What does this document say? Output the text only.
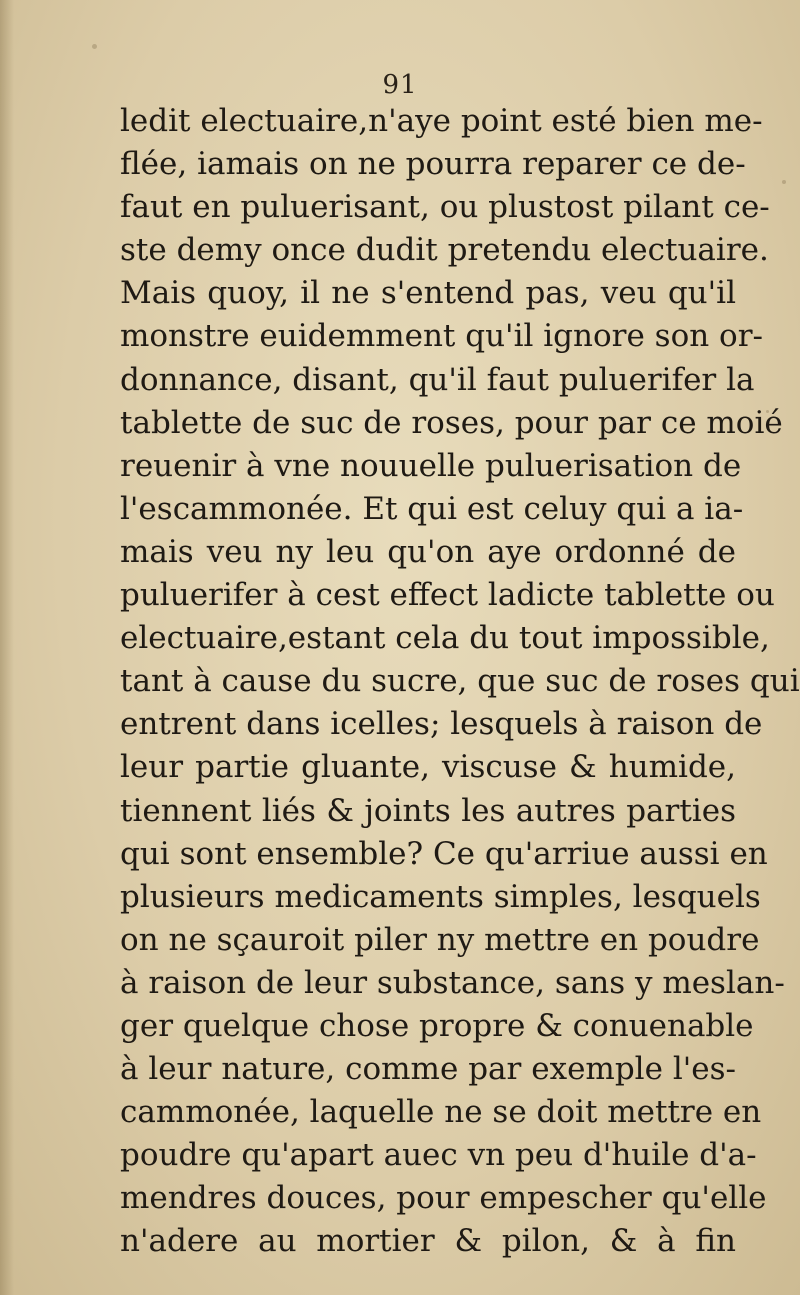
91
ledit electuaire,n'aye point esté bien me-
flée, iamais on ne pourra reparer ce de-
faut en puluerisant, ou plustost pilant ce-
ste demy once dudit pretendu electuaire.
Mais quoy, il ne s'entend pas, veu qu'il
monstre euidemment qu'il ignore son or-
donnance, disant, qu'il faut puluerifer la
tablette de suc de roses, pour par ce moié
reuenir à vne nouuelle puluerisation de
l'escammonée. Et qui est celuy qui a ia-
mais veu ny leu qu'on aye ordonné de
puluerifer à cest effect ladicte tablette ou
electuaire,estant cela du tout impossible,
tant à cause du sucre, que suc de roses qui
entrent dans icelles; lesquels à raison de
leur partie gluante, viscuse & humide,
tiennent liés & joints les autres parties
qui sont ensemble? Ce qu'arriue aussi en
plusieurs medicaments simples, lesquels
on ne sçauroit piler ny mettre en poudre
à raison de leur substance, sans y meslan-
ger quelque chose propre & conuenable
à leur nature, comme par exemple l'es-
cammonée, laquelle ne se doit mettre en
poudre qu'apart auec vn peu d'huile d'a-
mendres douces, pour empescher qu'elle
n'adere au mortier & pilon, & à fin
